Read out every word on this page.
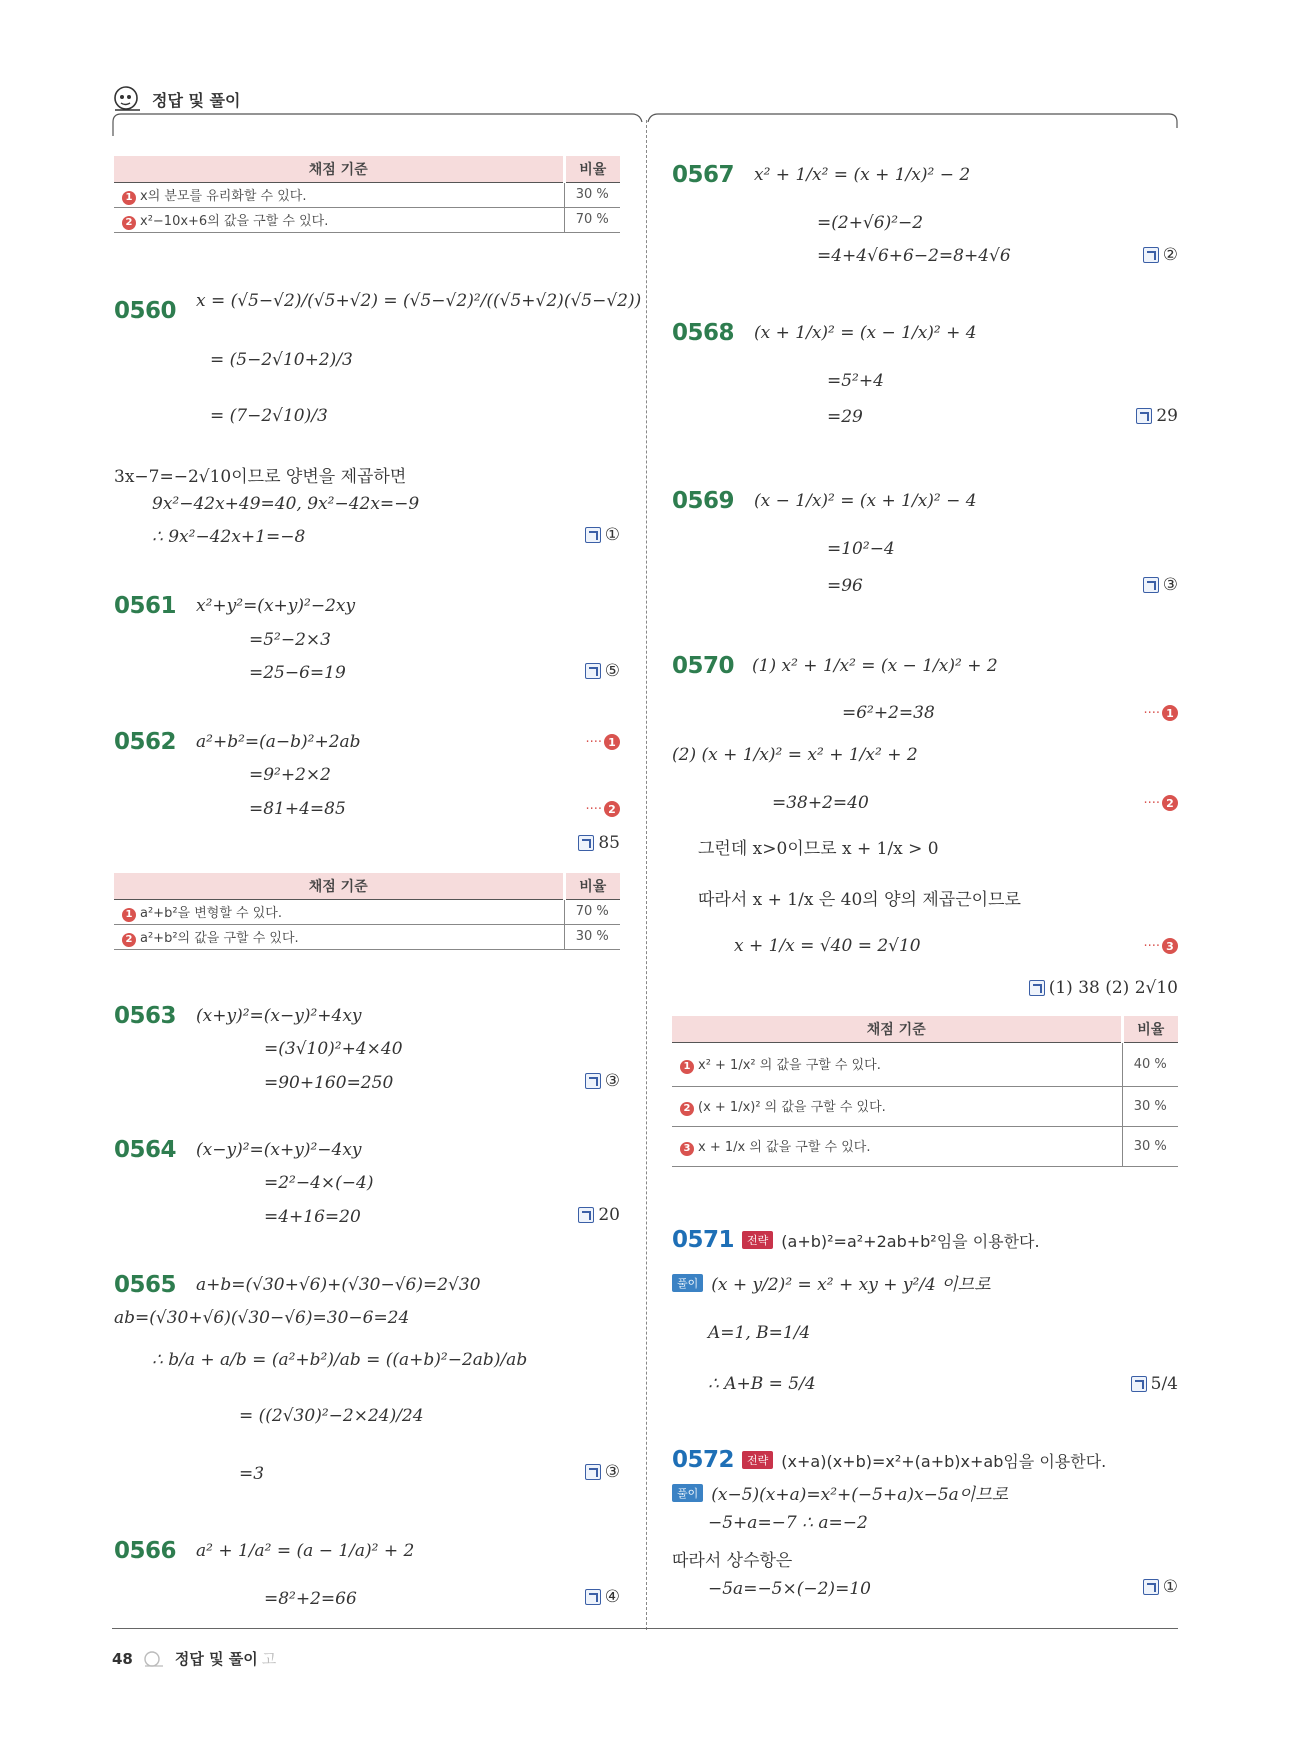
정답 및 풀이
채점 기준	비율
1 x의 분모를 유리화할 수 있다.	30 %
2 x²−10x+6의 값을 구할 수 있다.	70 %
0560 x = (√5−√2)/(√5+√2) = (√5−√2)²/((√5+√2)(√5−√2))
= (5−2√10+2)/3
= (7−2√10)/3
3x−7=−2√10이므로 양변을 제곱하면
9x²−42x+49=40, 9x²−42x=−9
∴ 9x²−42x+1=−8	①
0561 x²+y²=(x+y)²−2xy
=5²−2×3
=25−6=19	⑤
0562 a²+b²=(a−b)²+2ab
=9²+2×2
=81+4=85
···· 1
···· 2
85
채점 기준	비율
1 a²+b²을 변형할 수 있다.	70 %
2 a²+b²의 값을 구할 수 있다.	30 %
0563 (x+y)²=(x−y)²+4xy
=(3√10)²+4×40
=90+160=250	③
0564 (x−y)²=(x+y)²−4xy
=2²−4×(−4)
=4+16=20	20
0565 a+b=(√30+√6)+(√30−√6)=2√30
ab=(√30+√6)(√30−√6)=30−6=24
∴ b/a + a/b = (a²+b²)/ab = ((a+b)²−2ab)/ab
= ((2√30)²−2×24)/24
=3	③
0566 a² + 1/a² = (a − 1/a)² + 2
=8²+2=66	④
0567 x² + 1/x² = (x + 1/x)² − 2
=(2+√6)²−2
=4+4√6+6−2=8+4√6	②
0568 (x + 1/x)² = (x − 1/x)² + 4
=5²+4
=29	29
0569 (x − 1/x)² = (x + 1/x)² − 4
=10²−4
=96	③
0570 (1) x² + 1/x² = (x − 1/x)² + 2
=6²+2=38	···· 1
(2) (x + 1/x)² = x² + 1/x² + 2
=38+2=40	···· 2
그런데 x>0이므로 x + 1/x > 0
따라서 x + 1/x 은 40의 양의 제곱근이므로
x + 1/x = √40 = 2√10	···· 3
(1) 38 (2) 2√10
채점 기준	비율
1 x² + 1/x² 의 값을 구할 수 있다.	40 %
2 (x + 1/x)² 의 값을 구할 수 있다.	30 %
3 x + 1/x 의 값을 구할 수 있다.	30 %
0571	전략 (a+b)²=a²+2ab+b²임을 이용한다.
풀이 (x + y/2)² = x² + xy + y²/4 이므로
A=1, B=1/4
∴ A+B = 5/4	5/4
0572	전략 (x+a)(x+b)=x²+(a+b)x+ab임을 이용한다.
풀이 (x−5)(x+a)=x²+(−5+a)x−5a이므로
−5+a=−7 ∴ a=−2
따라서 상수항은
−5a=−5×(−2)=10	①
48	정답 및 풀이 고
